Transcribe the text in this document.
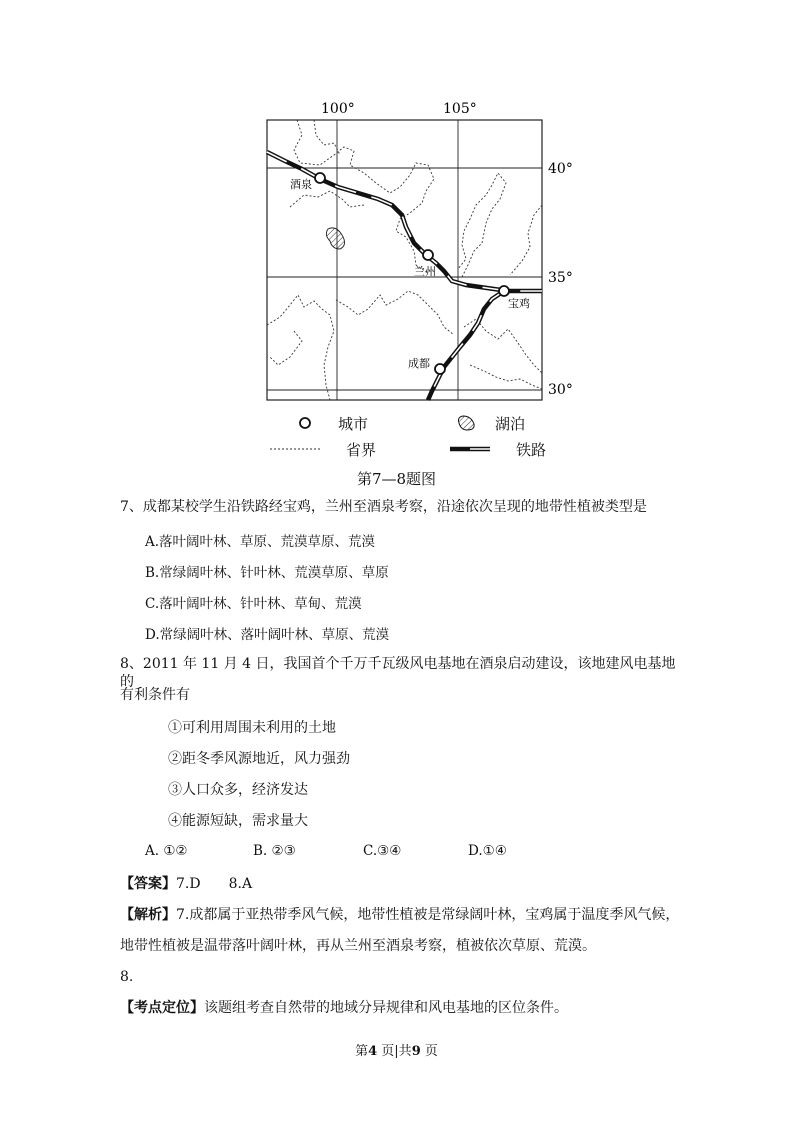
100°	105°
40°
35°
30°
酒泉
兰州
宝鸡
成都
城市	湖泊
省界	铁路
第7—8题图
7、成都某校学生沿铁路经宝鸡，兰州至酒泉考察，沿途依次呈现的地带性植被类型是
A.落叶阔叶林、草原、荒漠草原、荒漠
B.常绿阔叶林、针叶林、荒漠草原、草原
C.落叶阔叶林、针叶林、草甸、荒漠
D.常绿阔叶林、落叶阔叶林、草原、荒漠
8、2011 年 11 月 4 日，我国首个千万千瓦级风电基地在酒泉启动建设，该地建风电基地的
有利条件有
①可利用周围未利用的土地
②距冬季风源地近，风力强劲
③人口众多，经济发达
④能源短缺，需求量大
A. ①②	B. ②③	C.③④	D.①④
【答案】7.D　　8.A
【解析】7.成都属于亚热带季风气候，地带性植被是常绿阔叶林，宝鸡属于温度季风气候，
地带性植被是温带落叶阔叶林，再从兰州至酒泉考察，植被依次草原、荒漠。
8.
【考点定位】该题组考查自然带的地域分异规律和风电基地的区位条件。
第4 页|共9 页
